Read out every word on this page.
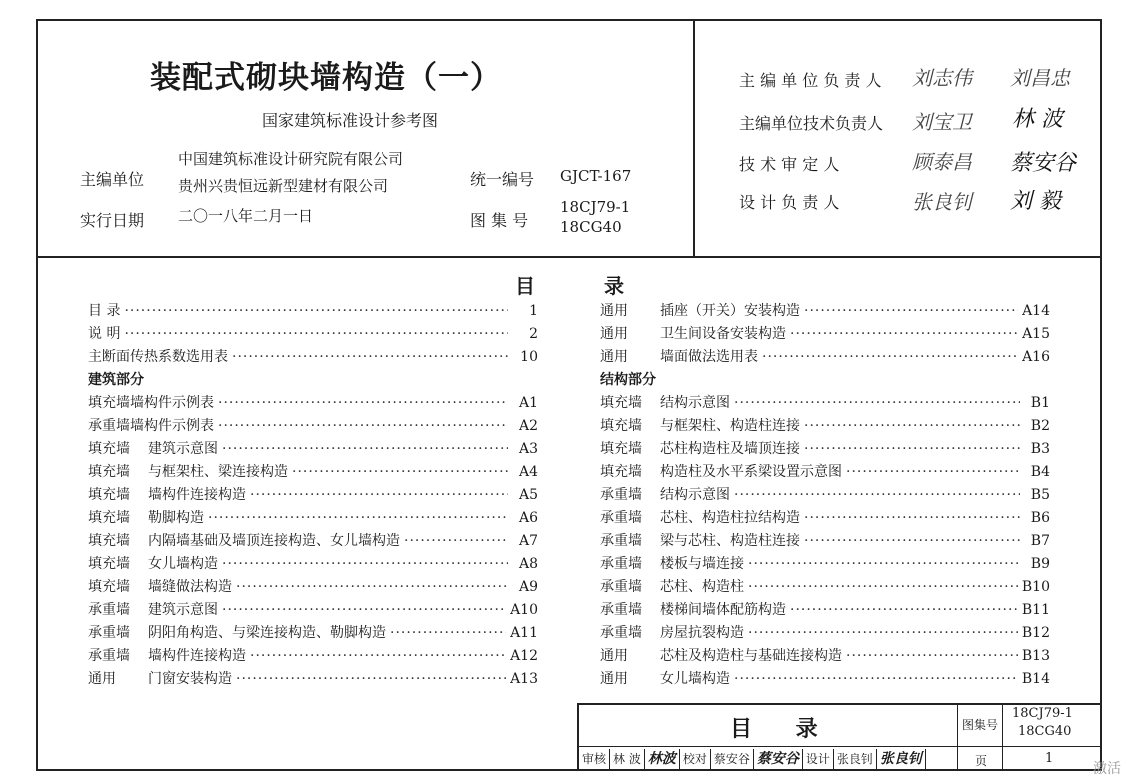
装配式砌块墙构造（一）
国家建筑标准设计参考图
主编单位
中国建筑标准设计研究院有限公司
贵州兴贵恒远新型建材有限公司
实行日期 二〇一八年二月一日
统一编号 GJCT-167
图 集 号
18CJ79-1
18CG40
主 编 单 位 负 责 人 刘志伟 刘昌忠
主编单位技术负责人 刘宝卫 林 波
技 术 审 定 人	顾泰昌 蔡安谷
设 计 负 责 人	张良钊 刘 毅
目	录
目 录 ·····	1
说 明 ·····	2
主断面传热系数选用表 ·····	10
建筑部分
填充墙墙构件示例表 ·····	A1
承重墙墙构件示例表 ·····	A2
填充墙	建筑示意图 ·····	A3
填充墙	与框架柱、梁连接构造 ·····	A4
填充墙	墙构件连接构造 ·····	A5
填充墙	勒脚构造 ·····	A6
填充墙	内隔墙基础及墙顶连接构造、女儿墙构造 ·····	A7
填充墙	女儿墙构造 ·····	A8
填充墙	墙缝做法构造 ·····	A9
承重墙	建筑示意图 ·····	A10
承重墙	阴阳角构造、与梁连接构造、勒脚构造 ·····	A11
承重墙	墙构件连接构造 ·····	A12
通用	门窗安装构造 ·····	A13
通用	插座（开关）安装构造 ·····	A14
通用	卫生间设备安装构造 ·····	A15
通用	墙面做法选用表 ·····	A16
结构部分
填充墙	结构示意图 ·····	B1
填充墙	与框架柱、构造柱连接 ·····	B2
填充墙	芯柱构造柱及墙顶连接 ·····	B3
填充墙	构造柱及水平系梁设置示意图 ·····	B4
承重墙	结构示意图 ·····	B5
承重墙	芯柱、构造柱拉结构造 ·····	B6
承重墙	梁与芯柱、构造柱连接 ·····	B7
承重墙	楼板与墙连接 ·····	B9
承重墙	芯柱、构造柱 ·····	B10
承重墙	楼梯间墙体配筋构造 ·····	B11
承重墙	房屋抗裂构造 ·····	B12
通用	芯柱及构造柱与基础连接构造 ·····	B13
通用	女儿墙构造 ·····	B14
目 录	图集号
18CJ79-1
18CG40
页	1
审核 林 波 林波 校对 蔡安谷 蔡安谷 设计 张良钊 张良钊
激活
